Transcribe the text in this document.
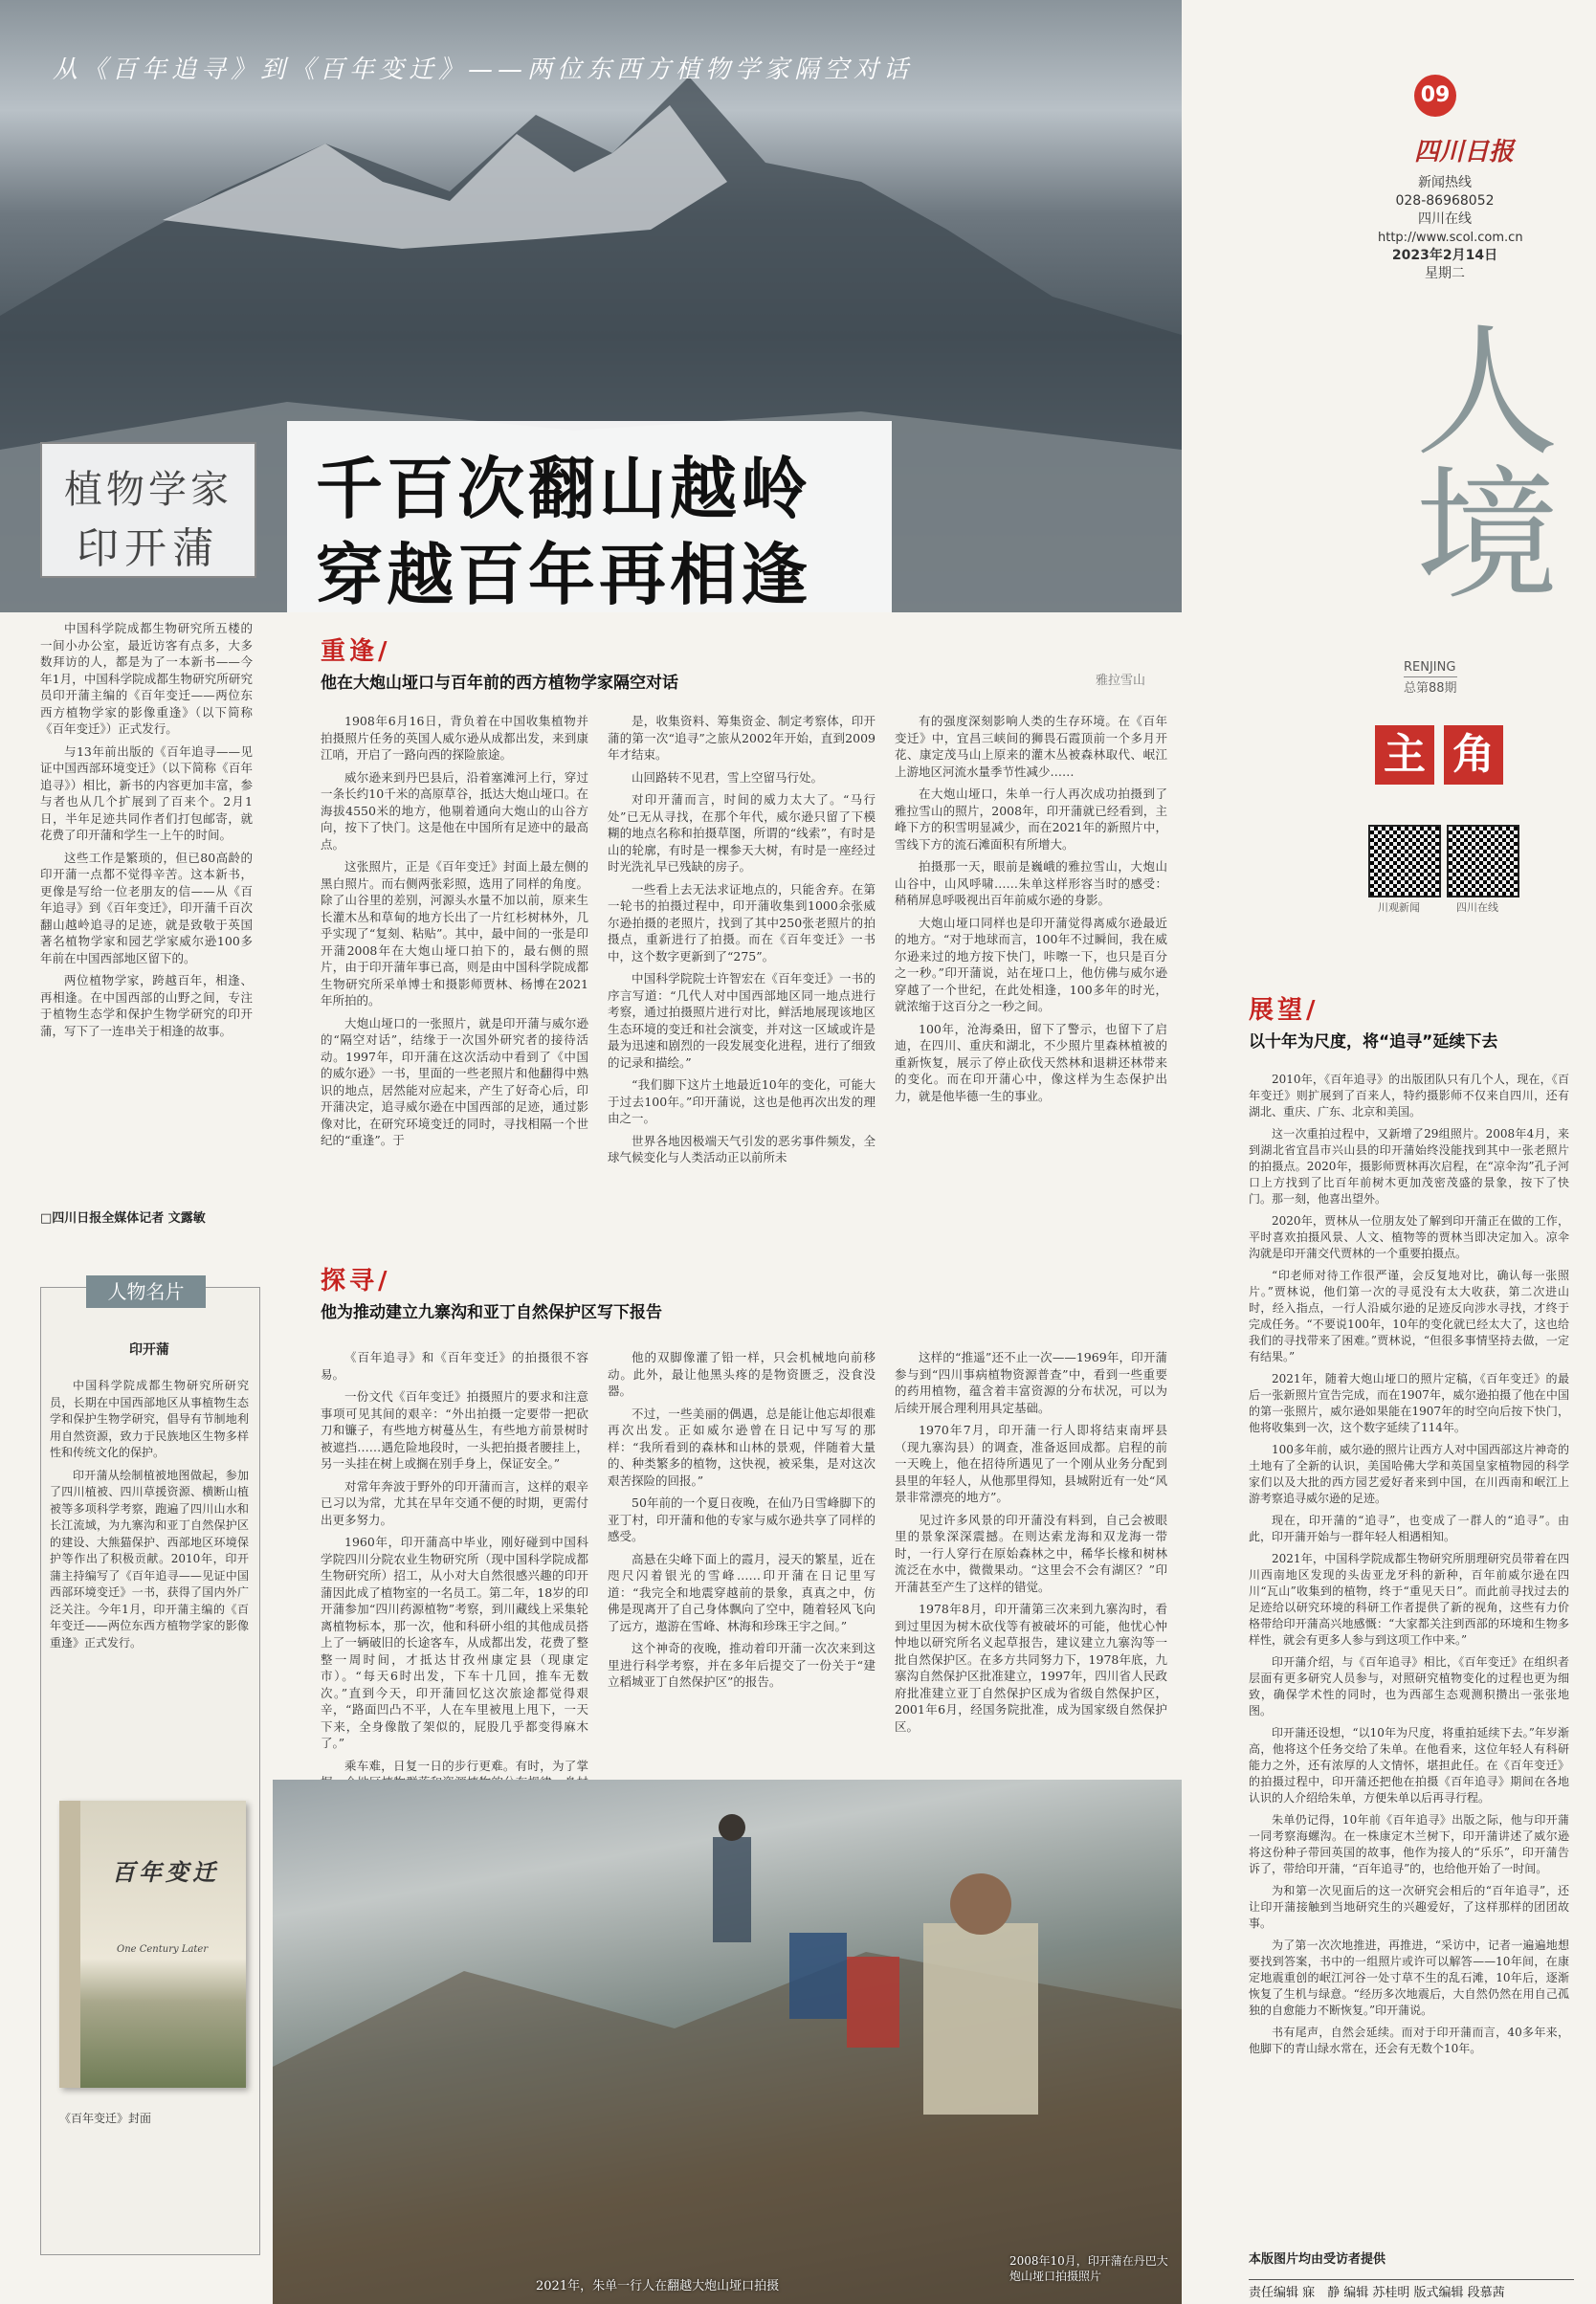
从《百年追寻》到《百年变迁》——两位东西方植物学家隔空对话
植物学家
印开蒲
千百次翻山越岭
穿越百年再相逢
雅拉雪山
09
四川日报
新闻热线
028-86968052
四川在线
http://www.scol.com.cn
2023年2月14日
星期二
人境
RENJING
总第88期
主 角
川观新闻	四川在线

中国科学院成都生物研究所五楼的一间小办公室，最近访客有点多，大多数拜访的人，都是为了一本新书——今年1月，中国科学院成都生物研究所研究员印开蒲主编的《百年变迁——两位东西方植物学家的影像重逢》（以下简称《百年变迁》）正式发行。

与13年前出版的《百年追寻——见证中国西部环境变迁》（以下简称《百年追寻》）相比，新书的内容更加丰富，参与者也从几个扩展到了百来个。2月1日，半年足迹共同作者们打包邮寄，就花费了印开蒲和学生一上午的时间。

这些工作是繁琐的，但已80高龄的印开蒲一点都不觉得辛苦。这本新书，更像是写给一位老朋友的信——从《百年追寻》到《百年变迁》，印开蒲千百次翻山越岭追寻的足迹，就是致敬于英国著名植物学家和园艺学家威尔逊100多年前在中国西部地区留下的。

两位植物学家，跨越百年，相逢、再相逢。在中国西部的山野之间，专注于植物生态学和保护生物学研究的印开蒲，写下了一连串关于相逢的故事。

□四川日报全媒体记者 文露敏
人物名片
印开蒲

中国科学院成都生物研究所研究员，长期在中国西部地区从事植物生态学和保护生物学研究，倡导有节制地利用自然资源，致力于民族地区生物多样性和传统文化的保护。

印开蒲从绘制植被地图做起，参加了四川植被、四川草援资源、横断山植被等多项科学考察，跑遍了四川山水和长江流域，为九寨沟和亚丁自然保护区的建设、大熊猫保护、西部地区环境保护等作出了积极贡献。2010年，印开蒲主持编写了《百年追寻——见证中国西部环境变迁》一书，获得了国内外广泛关注。今年1月，印开蒲主编的《百年变迁——两位东西方植物学家的影像重逢》正式发行。

百年变迁
One Century Later
《百年变迁》封面
重逢/
他在大炮山垭口与百年前的西方植物学家隔空对话

1908年6月16日，背负着在中国收集植物并拍摄照片任务的英国人威尔逊从成都出发，来到康江哨，开启了一路向西的探险旅途。

威尔逊来到丹巴县后，沿着塞滩河上行，穿过一条长约10千米的高原草谷，抵达大炮山垭口。在海拔4550米的地方，他剔着通向大炮山的山谷方向，按下了快门。这是他在中国所有足迹中的最高点。

这张照片，正是《百年变迁》封面上最左侧的黑白照片。而右侧两张彩照，选用了同样的角度。除了山谷里的差别，河源头水量不加以前，原来生长灌木丛和草甸的地方长出了一片红杉树林外，几乎实现了“复刻、粘贴”。其中，最中间的一张是印开蒲2008年在大炮山垭口拍下的，最右侧的照片，由于印开蒲年事已高，则是由中国科学院成都生物研究所采单博士和摄影师贾林、杨博在2021年所拍的。

大炮山垭口的一张照片，就是印开蒲与威尔逊的“隔空对话”，结缘于一次国外研究者的接待活动。1997年，印开蒲在这次活动中看到了《中国的威尔逊》一书，里面的一些老照片和他翻得中熟识的地点，居然能对应起来，产生了好奇心后，印开蒲决定，追寻威尔逊在中国西部的足迹，通过影像对比，在研究环境变迁的同时，寻找相隔一个世纪的“重逢”。于

是，收集资料、筹集资金、制定考察体，印开蒲的第一次“追寻”之旅从2002年开始，直到2009年才结束。

山回路转不见君，雪上空留马行处。

对印开蒲而言，时间的威力太大了。“马行处”已无从寻找，在那个年代，威尔逊只留了下模糊的地点名称和拍摄草图，所谓的“线索”，有时是山的轮廓，有时是一棵参天大树，有时是一座经过时光洗礼早已残缺的房子。

一些看上去无法求证地点的，只能舍弃。在第一轮书的拍摄过程中，印开蒲收集到1000余张威尔逊拍摄的老照片，找到了其中250张老照片的拍摄点，重新进行了拍摄。而在《百年变迁》一书中，这个数字更新到了“275”。

中国科学院院士许智宏在《百年变迁》一书的序言写道：“几代人对中国西部地区同一地点进行考察，通过拍摄照片进行对比，鲜活地展现该地区生态环境的变迁和社会演变，并对这一区域或许是最为迅速和剧烈的一段发展变化进程，进行了细致的记录和描绘。”

“我们脚下这片土地最近10年的变化，可能大于过去100年。”印开蒲说，这也是他再次出发的理由之一。

世界各地因极端天气引发的恶劣事件频发，全球气候变化与人类活动正以前所未

有的强度深刻影响人类的生存环境。在《百年变迁》中，宜昌三峡间的狮畏石霞顶前一个多月开花、康定茂马山上原来的灌木丛被森林取代、岷江上游地区河流水量季节性减少……

在大炮山垭口，朱单一行人再次成功拍摄到了雅拉雪山的照片，2008年，印开蒲就已经看到，主峰下方的积雪明显减少，而在2021年的新照片中，雪线下方的流石滩面积有所增大。

拍摄那一天，眼前是巍峨的雅拉雪山，大炮山山谷中，山风呼啸……朱单这样形容当时的感受：稍稍屏息呼吸视出百年前威尔逊的身影。

大炮山垭口同样也是印开蒲觉得离威尔逊最近的地方。“对于地球而言，100年不过瞬间，我在威尔逊来过的地方按下快门，咔嚓一下，也只是百分之一秒。”印开蒲说，站在垭口上，他仿佛与威尔逊穿越了一个世纪，在此处相逢，100多年的时光，就浓缩于这百分之一秒之间。

100年，沧海桑田，留下了警示，也留下了启迪，在四川、重庆和湖北，不少照片里森林植被的重新恢复，展示了停止砍伐天然林和退耕还林带来的变化。而在印开蒲心中，像这样为生态保护出力，就是他毕德一生的事业。

探寻/
他为推动建立九寨沟和亚丁自然保护区写下报告

《百年追寻》和《百年变迁》的拍摄很不容易。

一份文代《百年变迁》拍摄照片的要求和注意事项可见其间的艰辛：“外出拍摄一定要带一把砍刀和镰子，有些地方树蔓丛生，有些地方前景树时被遮挡……遇危险地段时，一头把拍摄者腰挂上，另一头挂在树上或搁在别手身上，保证安全。”

对常年奔波于野外的印开蒲而言，这样的艰辛已习以为常，尤其在早年交通不便的时期，更需付出更多努力。

1960年，印开蒲高中毕业，刚好碰到中国科学院四川分院农业生物研究所（现中国科学院成都生物研究所）招工，从小对大自然很感兴趣的印开蒲因此成了植物室的一名员工。第二年，18岁的印开蒲参加“四川药源植物”考察，到川藏线上采集轮离植物标本，那一次，他和科研小组的其他成员搭上了一辆破旧的长途客车，从成都出发，花费了整整一周时间，才抵达甘孜州康定县（现康定市）。“每天6时出发，下车十几回，推车无数次。”直到今天，印开蒲回忆这次旅途都觉得艰辛，“路面凹凸不平，人在车里被甩上甩下，一天下来，全身像散了架似的，屁股几乎都变得麻木了。”

乘车难，日复一日的步行更难。有时，为了掌

他的双脚像灌了铅一样，只会机械地向前移动。此外，最让他黑头疼的是物资匮乏，没食没器。

不过，一些美丽的偶遇，总是能让他忘却很难再次出发。正如威尔逊曾在日记中写写的那样：“我所看到的森林和山林的景观，伴随着大量的、种类繁多的植物，这快视，被采集，是对这次艰苦探险的回报。”

50年前的一个夏日夜晚，在仙乃日雪峰脚下的亚丁村，印开蒲和他的专家与威尔逊共享了同样的感受。

高悬在尖峰下面上的霞月，浸天的繁星，近在咫尺闪着银光的雪峰……印开蒲在日记里写道：“我完全和地震穿越前的景象，真真之中，仿佛是现离开了自己身体飘向了空中，随着轻风飞向了远方，遨游在雪峰、林海和珍珠王宇之间。”

这个神奇的夜晚，推动着印开蒲一次次来到这里进行科学考察，并在多年后提交了一份关于“建立稻城亚丁自然保护区”的报告。

这样的“推遥”还不止一次——1969年，印开蒲参与到“四川事病植物资源普查”中，看到一些重要的药用植物，蕴含着丰富资源的分布状况，可以为后续开展合理利用具定基础。

1970年7月，印开蒲一行人即将结束南坪县（现九寨沟县）的调查，准备返回成都。启程的前一天晚上，他在招待所遇见了一个刚从业务分配到县里的年轻人，从他那里得知，县城附近有一处“风景非常漂亮的地方”。

见过许多风景的印开蒲没有料到，自己会被眼里的景象深深震撼。在则达索龙海和双龙海一带时，一行人穿行在原始森林之中，稀华长椽和树林流泛在水中，微微果动。“这里会不会有湖区？”印开蒲甚至产生了这样的错觉。

1978年8月，印开蒲第三次来到九寨沟时，看到过里因为树木砍伐等有被破坏的可能，他忧心忡忡地以研究所名义起草报告，建议建立九寨沟等一批自然保护区。在多方共同努力下，1978年底，九寨沟自然保护区批准建立，1997年，四川省人民政府批准建立亚丁自然保护区成为省级自然保护区，2001年6月，经国务院批准，成为国家级自然保护区。

2021年，朱单一行人在翻越大炮山垭口拍摄
2008年10月，印开蒲在丹巴大炮山垭口拍摄照片
展望/
以十年为尺度，将“追寻”延续下去

2010年，《百年追寻》的出版团队只有几个人，现在，《百年变迁》则扩展到了百来人，特约摄影师不仅来自四川，还有湖北、重庆、广东、北京和美国。

这一次重拍过程中，又新增了29组照片。2008年4月，来到湖北省宜昌市兴山县的印开蒲始终没能找到其中一张老照片的拍摄点。2020年，摄影师贾林再次启程，在“凉伞沟”孔子河口上方找到了比百年前树木更加茂密茂盛的景象，按下了快门。那一刻，他喜出望外。

2020年，贾林从一位朋友处了解到印开蒲正在做的工作，平时喜欢拍摄风景、人文、植物等的贾林当即决定加入。凉伞沟就是印开蒲交代贾林的一个重要拍摄点。

“印老师对待工作很严谨，会反复地对比，确认每一张照片。”贾林说，他们第一次的寻觅没有太大收获，第二次进山时，经入指点，一行人沿威尔逊的足迹反向涉水寻找，才终于完成任务。“不要说100年，10年的变化就已经太大了，这也给我们的寻找带来了困难。”贾林说，“但很多事情坚持去做，一定有结果。”

2021年，随着大炮山垭口的照片定稿，《百年变迁》的最后一张新照片宣告完成，而在1907年，威尔逊拍摄了他在中国的第一张照片，威尔逊如果能在1907年的时空向后按下快门，他将收集到一次，这个数字延续了114年。

100多年前，威尔逊的照片让西方人对中国西部这片神奇的土地有了全新的认识，美国哈佛大学和英国皇家植物园的科学家们以及大批的西方园艺爱好者来到中国，在川西南和岷江上游考察追寻威尔逊的足迹。

现在，印开蒲的“追寻”，也变成了一群人的“追寻”。由此，印开蒲开始与一群年轻人相遇相知。

2021年，中国科学院成都生物研究所朋理研究员带着在四川西南地区发现的头齿亚龙牙科的新种，百年前威尔逊在四川“瓦山”收集到的植物，终于“重见天日”。而此前寻找过去的足迹给以研究环境的科研工作者提供了新的视角，这些有力价格带给印开蒲高兴地感慨：“大家都关注到西部的环境和生物多样性，就会有更多人参与到这项工作中来。”

印开蒲介绍，与《百年追寻》相比，《百年变迁》在组织者层面有更多研究人员参与，对照研究植物变化的过程也更为细致，确保学术性的同时，也为西部生态观测积攒出一张张地图。

印开蒲还设想，“以10年为尺度，将重拍延续下去。”年岁渐高，他将这个任务交给了朱单。在他看来，这位年轻人有科研能力之外，还有浓厚的人文情怀，堪担此任。在《百年变迁》的拍摄过程中，印开蒲还把他在拍摄《百年追寻》期间在各地认识的人介绍给朱单，方便朱单以后再寻行程。

朱单仍记得，10年前《百年追寻》出版之际，他与印开蒲一同考察海螺沟。在一株康定木兰树下，印开蒲讲述了威尔逊将这份种子带回英国的故事，他作为接人的“乐乐”，印开蒲告诉了，带给印开蒲，“百年追寻”的，也给他开始了一时间。

为和第一次见面后的这一次研究会相后的“百年追寻”，还让印开蒲接触到当地研究生的兴趣爱好，了这样那样的团团故事。

为了第一次次地推进，再推进，“采访中，记者一遍遍地想要找到答案，书中的一组照片或许可以解答——10年间，在康定地震重创的岷江河谷一处寸草不生的乱石滩，10年后，逐渐恢复了生机与绿意。“经历多次地震后，大自然仍然在用自己孤独的自愈能力不断恢复。”印开蒲说。

书有尾声，自然会延续。而对于印开蒲而言，40多年来，他脚下的青山绿水常在，还会有无数个10年。

本版图片均由受访者提供
责任编辑 寐　静 编辑 苏桂明 版式编辑 段慕茜
